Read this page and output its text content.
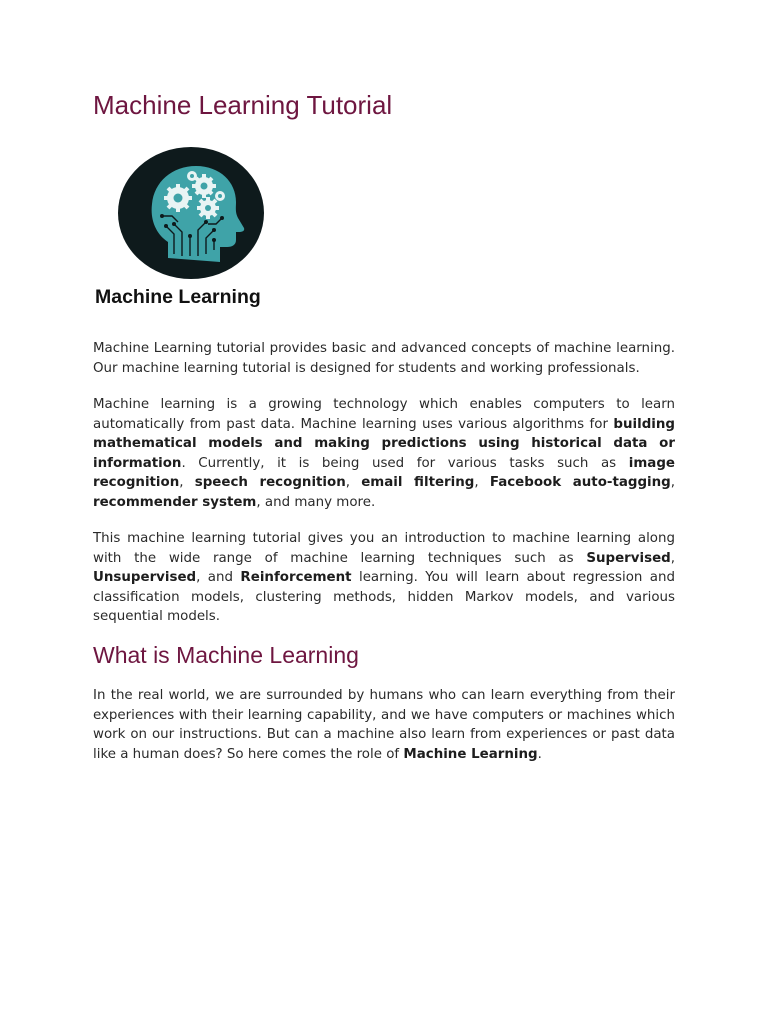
Machine Learning Tutorial

Machine Learning

Machine Learning tutorial provides basic and advanced concepts of machine learning. Our machine learning tutorial is designed for students and working professionals.

Machine learning is a growing technology which enables computers to learn automatically from past data. Machine learning uses various algorithms for building mathematical models and making predictions using historical data or information. Currently, it is being used for various tasks such as image recognition, speech recognition, email filtering, Facebook auto-tagging, recommender system, and many more.

This machine learning tutorial gives you an introduction to machine learning along with the wide range of machine learning techniques such as Supervised, Unsupervised, and Reinforcement learning. You will learn about regression and classification models, clustering methods, hidden Markov models, and various sequential models.

What is Machine Learning

In the real world, we are surrounded by humans who can learn everything from their experiences with their learning capability, and we have computers or machines which work on our instructions. But can a machine also learn from experiences or past data like a human does? So here comes the role of Machine Learning.
